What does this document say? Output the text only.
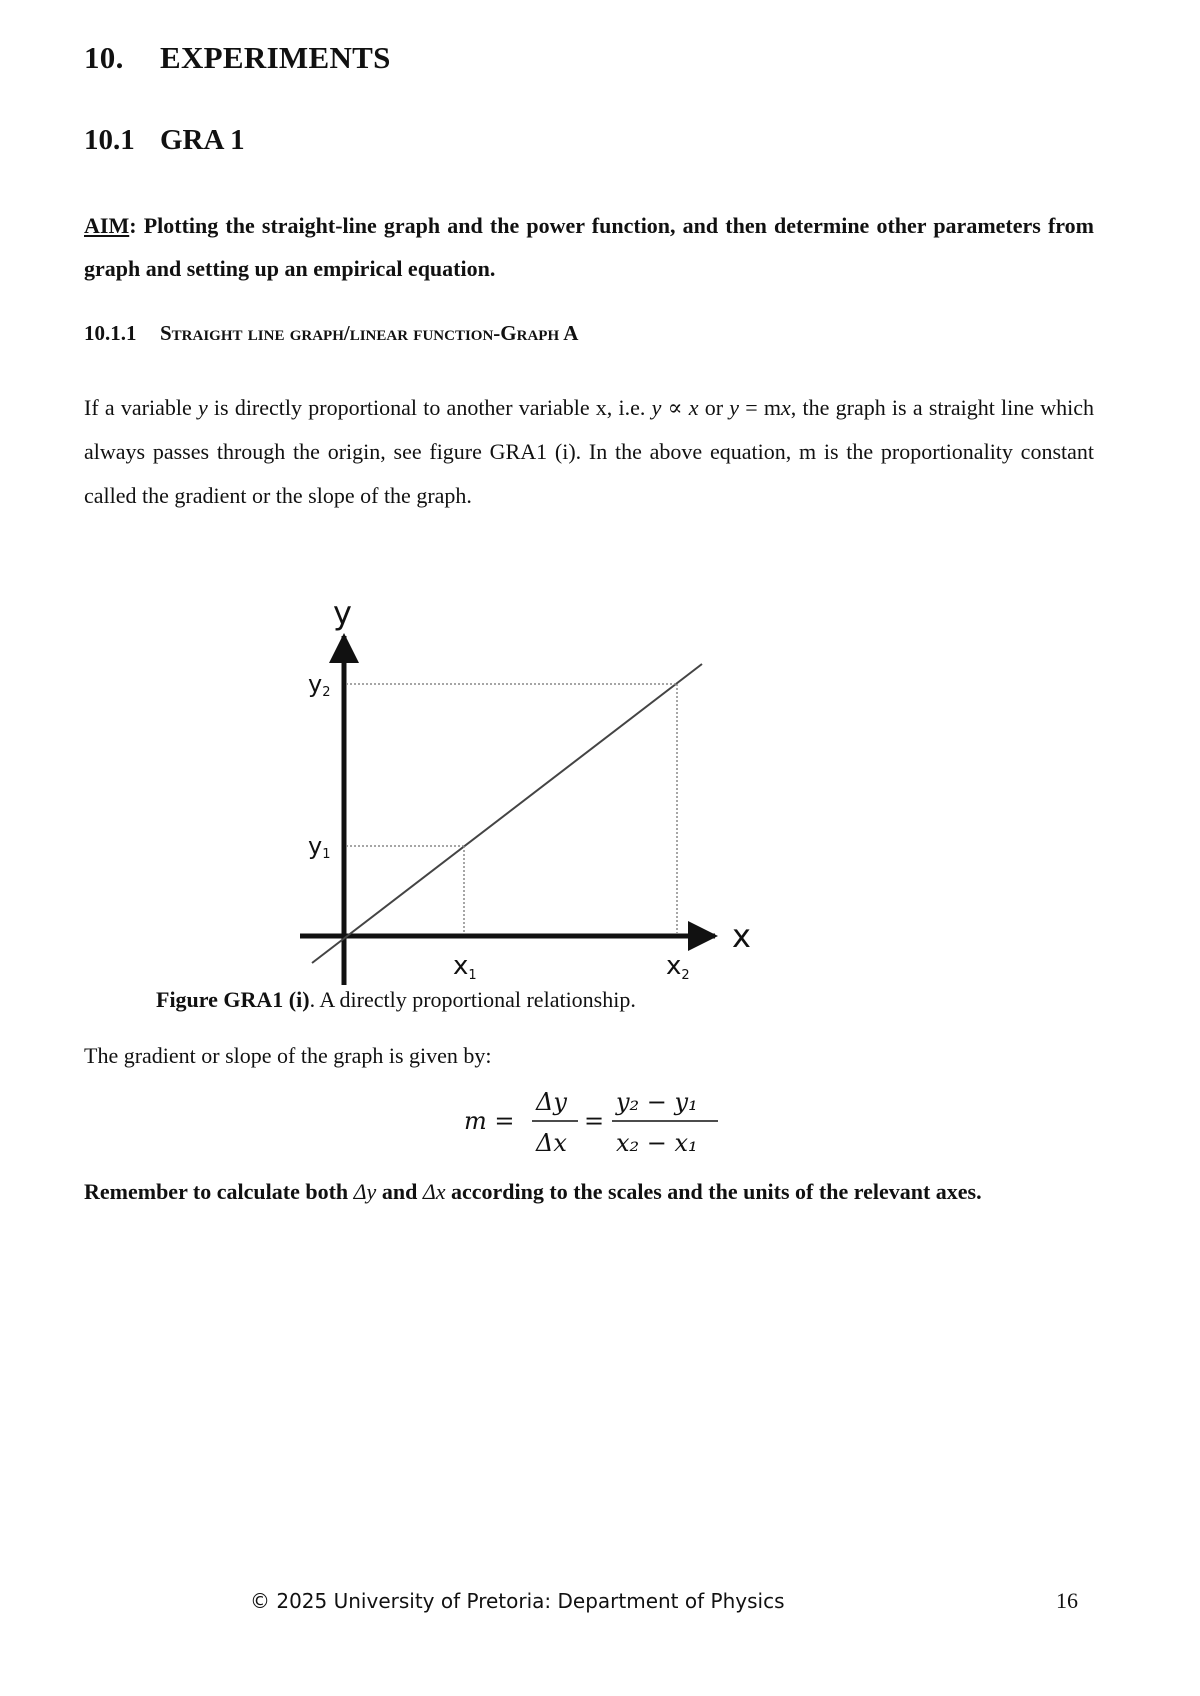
10. EXPERIMENTS
10.1 GRA 1
AIM: Plotting the straight-line graph and the power function, and then determine other parameters from graph and setting up an empirical equation.
10.1.1 Straight line graph/linear function-Graph A
If a variable y is directly proportional to another variable x, i.e. y ∝ x or y = mx, the graph is a straight line which always passes through the origin, see figure GRA1 (i). In the above equation, m is the proportionality constant called the gradient or the slope of the graph.
y
x
y2
y1
x1	x2
Figure GRA1 (i). A directly proportional relationship.
The gradient or slope of the graph is given by:
m =
Δy
Δx
=
y₂ − y₁
x₂ − x₁
Remember to calculate both Δy and Δx according to the scales and the units of the relevant axes.
© 2025 University of Pretoria: Department of Physics	16
